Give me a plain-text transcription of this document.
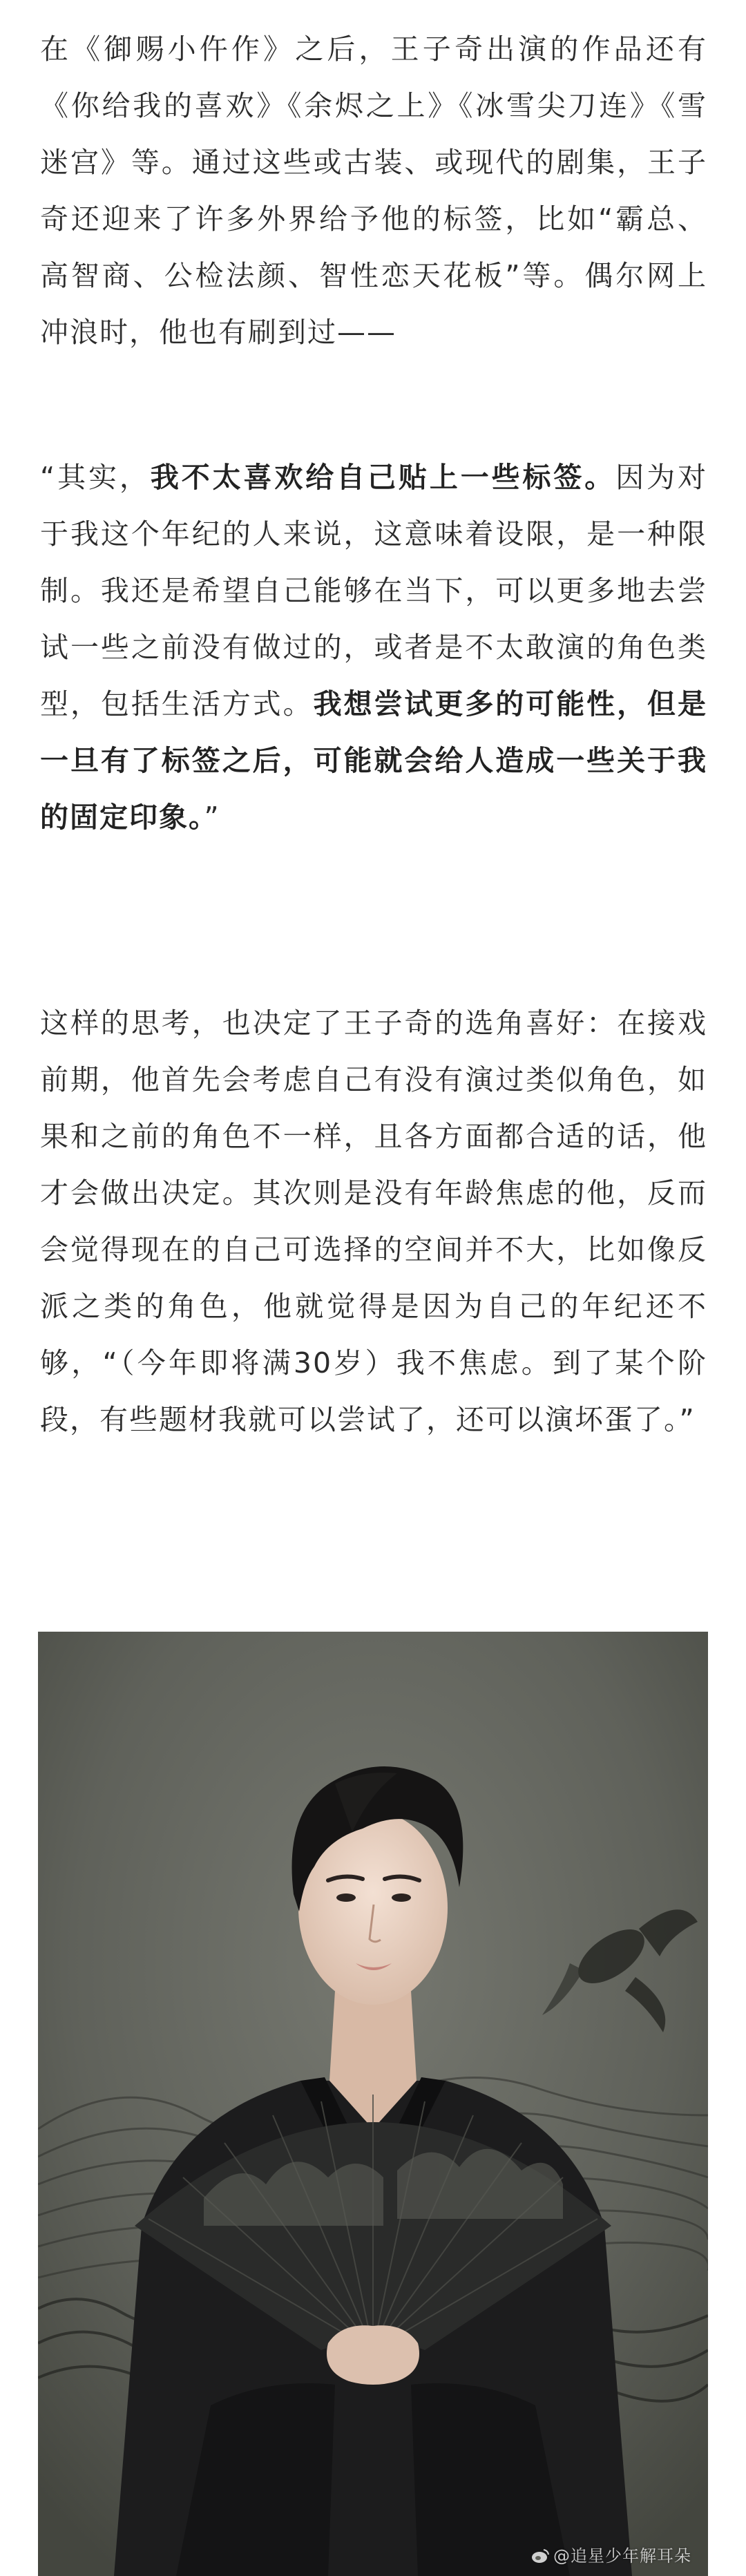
在《御赐小仵作》之后，王子奇出演的作品还有《你给我的喜欢》《余烬之上》《冰雪尖刀连》《雪迷宫》等。通过这些或古装、或现代的剧集，王子奇还迎来了许多外界给予他的标签，比如“霸总、高智商、公检法颜、智性恋天花板”等。偶尔网上冲浪时，他也有刷到过——

“其实，我不太喜欢给自己贴上一些标签。因为对于我这个年纪的人来说，这意味着设限，是一种限制。我还是希望自己能够在当下，可以更多地去尝试一些之前没有做过的，或者是不太敢演的角色类型，包括生活方式。我想尝试更多的可能性，但是一旦有了标签之后，可能就会给人造成一些关于我的固定印象。”

这样的思考，也决定了王子奇的选角喜好：在接戏前期，他首先会考虑自己有没有演过类似角色，如果和之前的角色不一样，且各方面都合适的话，他才会做出决定。其次则是没有年龄焦虑的他，反而会觉得现在的自己可选择的空间并不大，比如像反派之类的角色，他就觉得是因为自己的年纪还不够，“（今年即将满30岁）我不焦虑。到了某个阶段，有些题材我就可以尝试了，还可以演坏蛋了。”

@追星少年解耳朵
